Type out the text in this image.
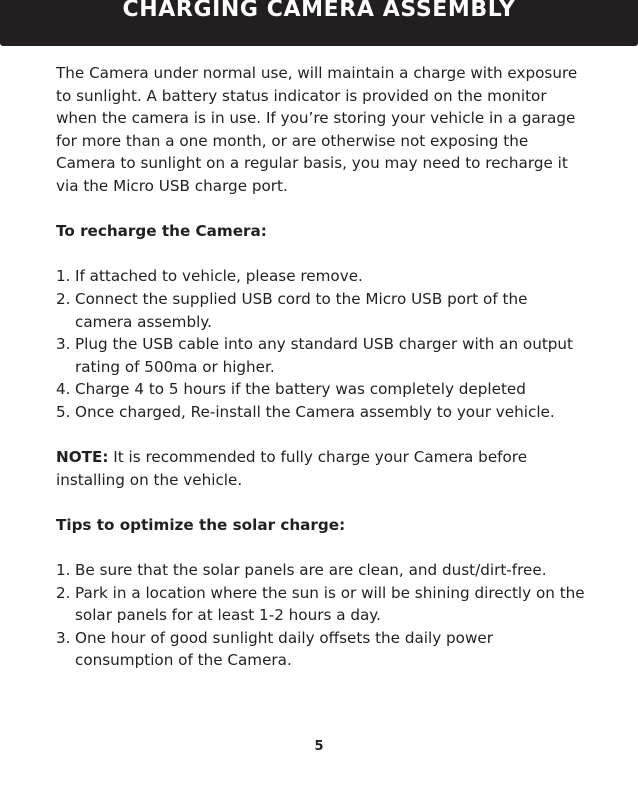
CHARGING CAMERA ASSEMBLY

The Camera under normal use, will maintain a charge with exposure to sunlight. A battery status indicator is provided on the monitor when the camera is in use. If you’re storing your vehicle in a garage for more than a one month, or are otherwise not exposing the Camera to sunlight on a regular basis, you may need to recharge it via the Micro USB charge port.

To recharge the Camera:

1. If attached to vehicle, please remove.
2. Connect the supplied USB cord to the Micro USB port of the camera assembly.
3. Plug the USB cable into any standard USB charger with an output rating of 500ma or higher.
4. Charge 4 to 5 hours if the battery was completely depleted
5. Once charged, Re-install the Camera assembly to your vehicle.

NOTE: It is recommended to fully charge your Camera before installing on the vehicle.

Tips to optimize the solar charge:

1. Be sure that the solar panels are are clean, and dust/dirt-free.
2. Park in a location where the sun is or will be shining directly on the solar panels for at least 1-2 hours a day.
3. One hour of good sunlight daily offsets the daily power consumption of the Camera.
5
